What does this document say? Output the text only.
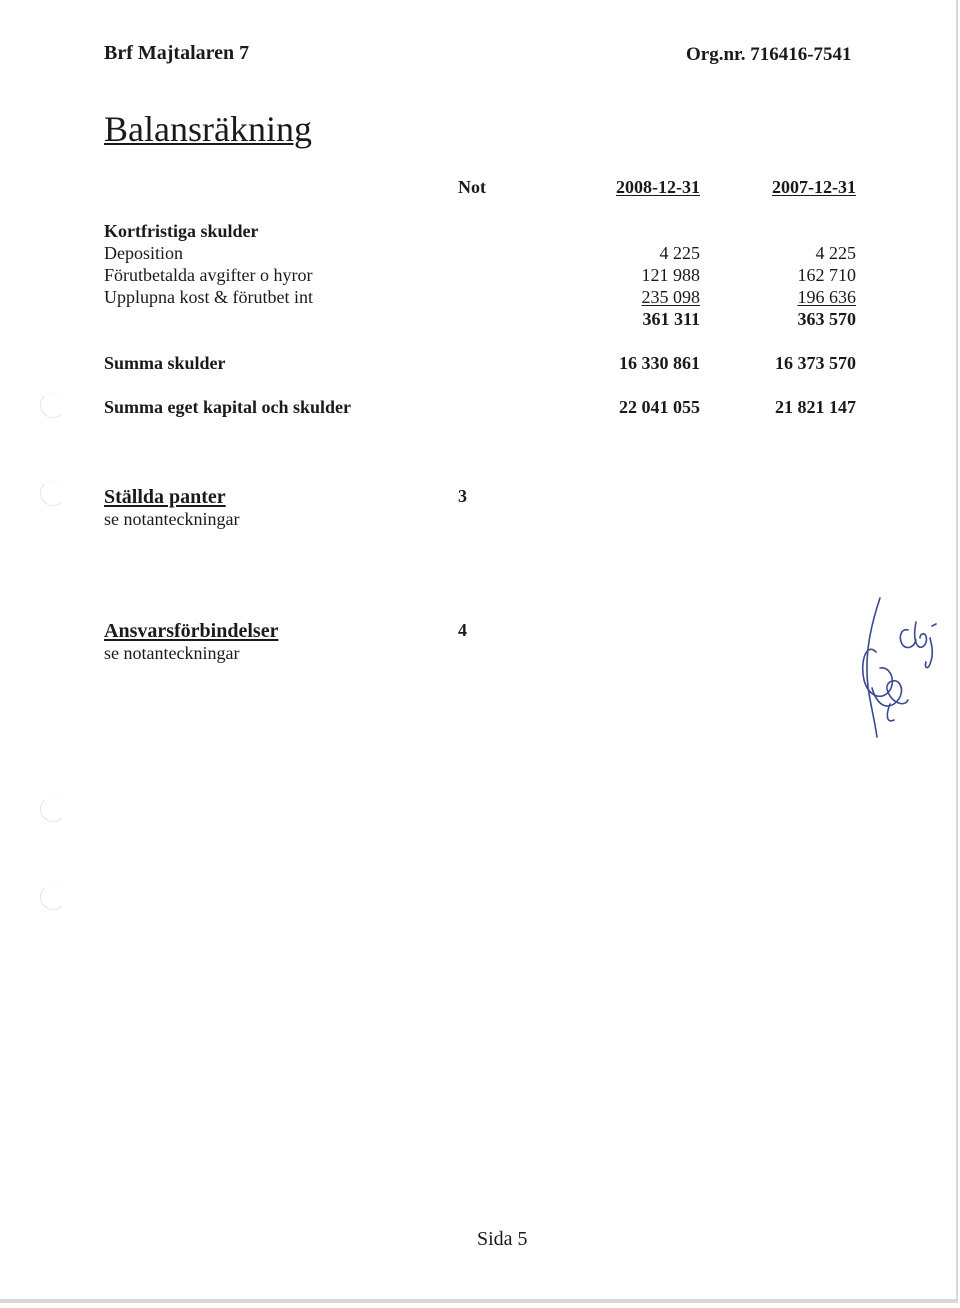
Brf Majtalaren 7	Org.nr. 716416-7541
Balansräkning
Not	2008-12-31	2007-12-31
Kortfristiga skulder
Deposition	4 225	4 225
Förutbetalda avgifter o hyror	121 988	162 710
Upplupna kost & förutbet int	235 098	196 636
361 311	363 570
Summa skulder	16 330 861	16 373 570
Summa eget kapital och skulder	22 041 055	21 821 147
Ställda panter	3
se notanteckningar
Ansvarsförbindelser	4
se notanteckningar
Sida 5
